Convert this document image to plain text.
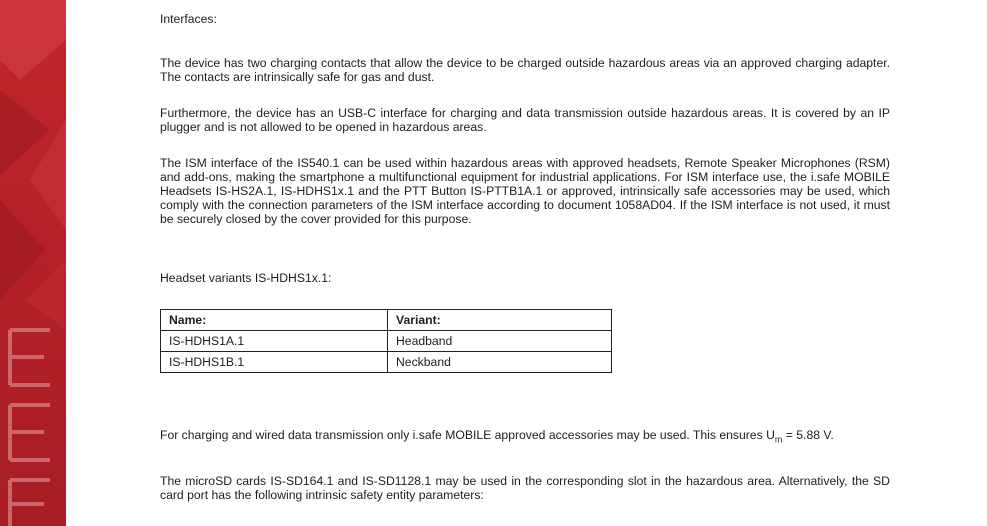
Interfaces:

The device has two charging contacts that allow the device to be charged outside hazardous areas via an approved charging adapter. The contacts are intrinsically safe for gas and dust.

Furthermore, the device has an USB-C interface for charging and data transmission outside hazardous areas. It is covered by an IP plugger and is not allowed to be opened in hazardous areas.

The ISM interface of the IS540.1 can be used within hazardous areas with approved headsets, Remote Speaker Microphones (RSM) and add-ons, making the smartphone a multifunctional equipment for industrial applications. For ISM interface use, the i.safe MOBILE Headsets IS-HS2A.1, IS-HDHS1x.1 and the PTT Button IS-PTTB1A.1 or approved, intrinsically safe accessories may be used, which comply with the connection parameters of the ISM interface according to document 1058AD04. If the ISM interface is not used, it must be securely closed by the cover provided for this purpose.

Headset variants IS-HDHS1x.1:

Name:	Variant:
IS-HDHS1A.1	Headband
IS-HDHS1B.1	Neckband

For charging and wired data transmission only i.safe MOBILE approved accessories may be used. This ensures $U_m = 5.88$ V.

The microSD cards IS-SD164.1 and IS-SD1128.1 may be used in the corresponding slot in the hazardous area. Alternatively, the SD card port has the following intrinsic safety entity parameters:
